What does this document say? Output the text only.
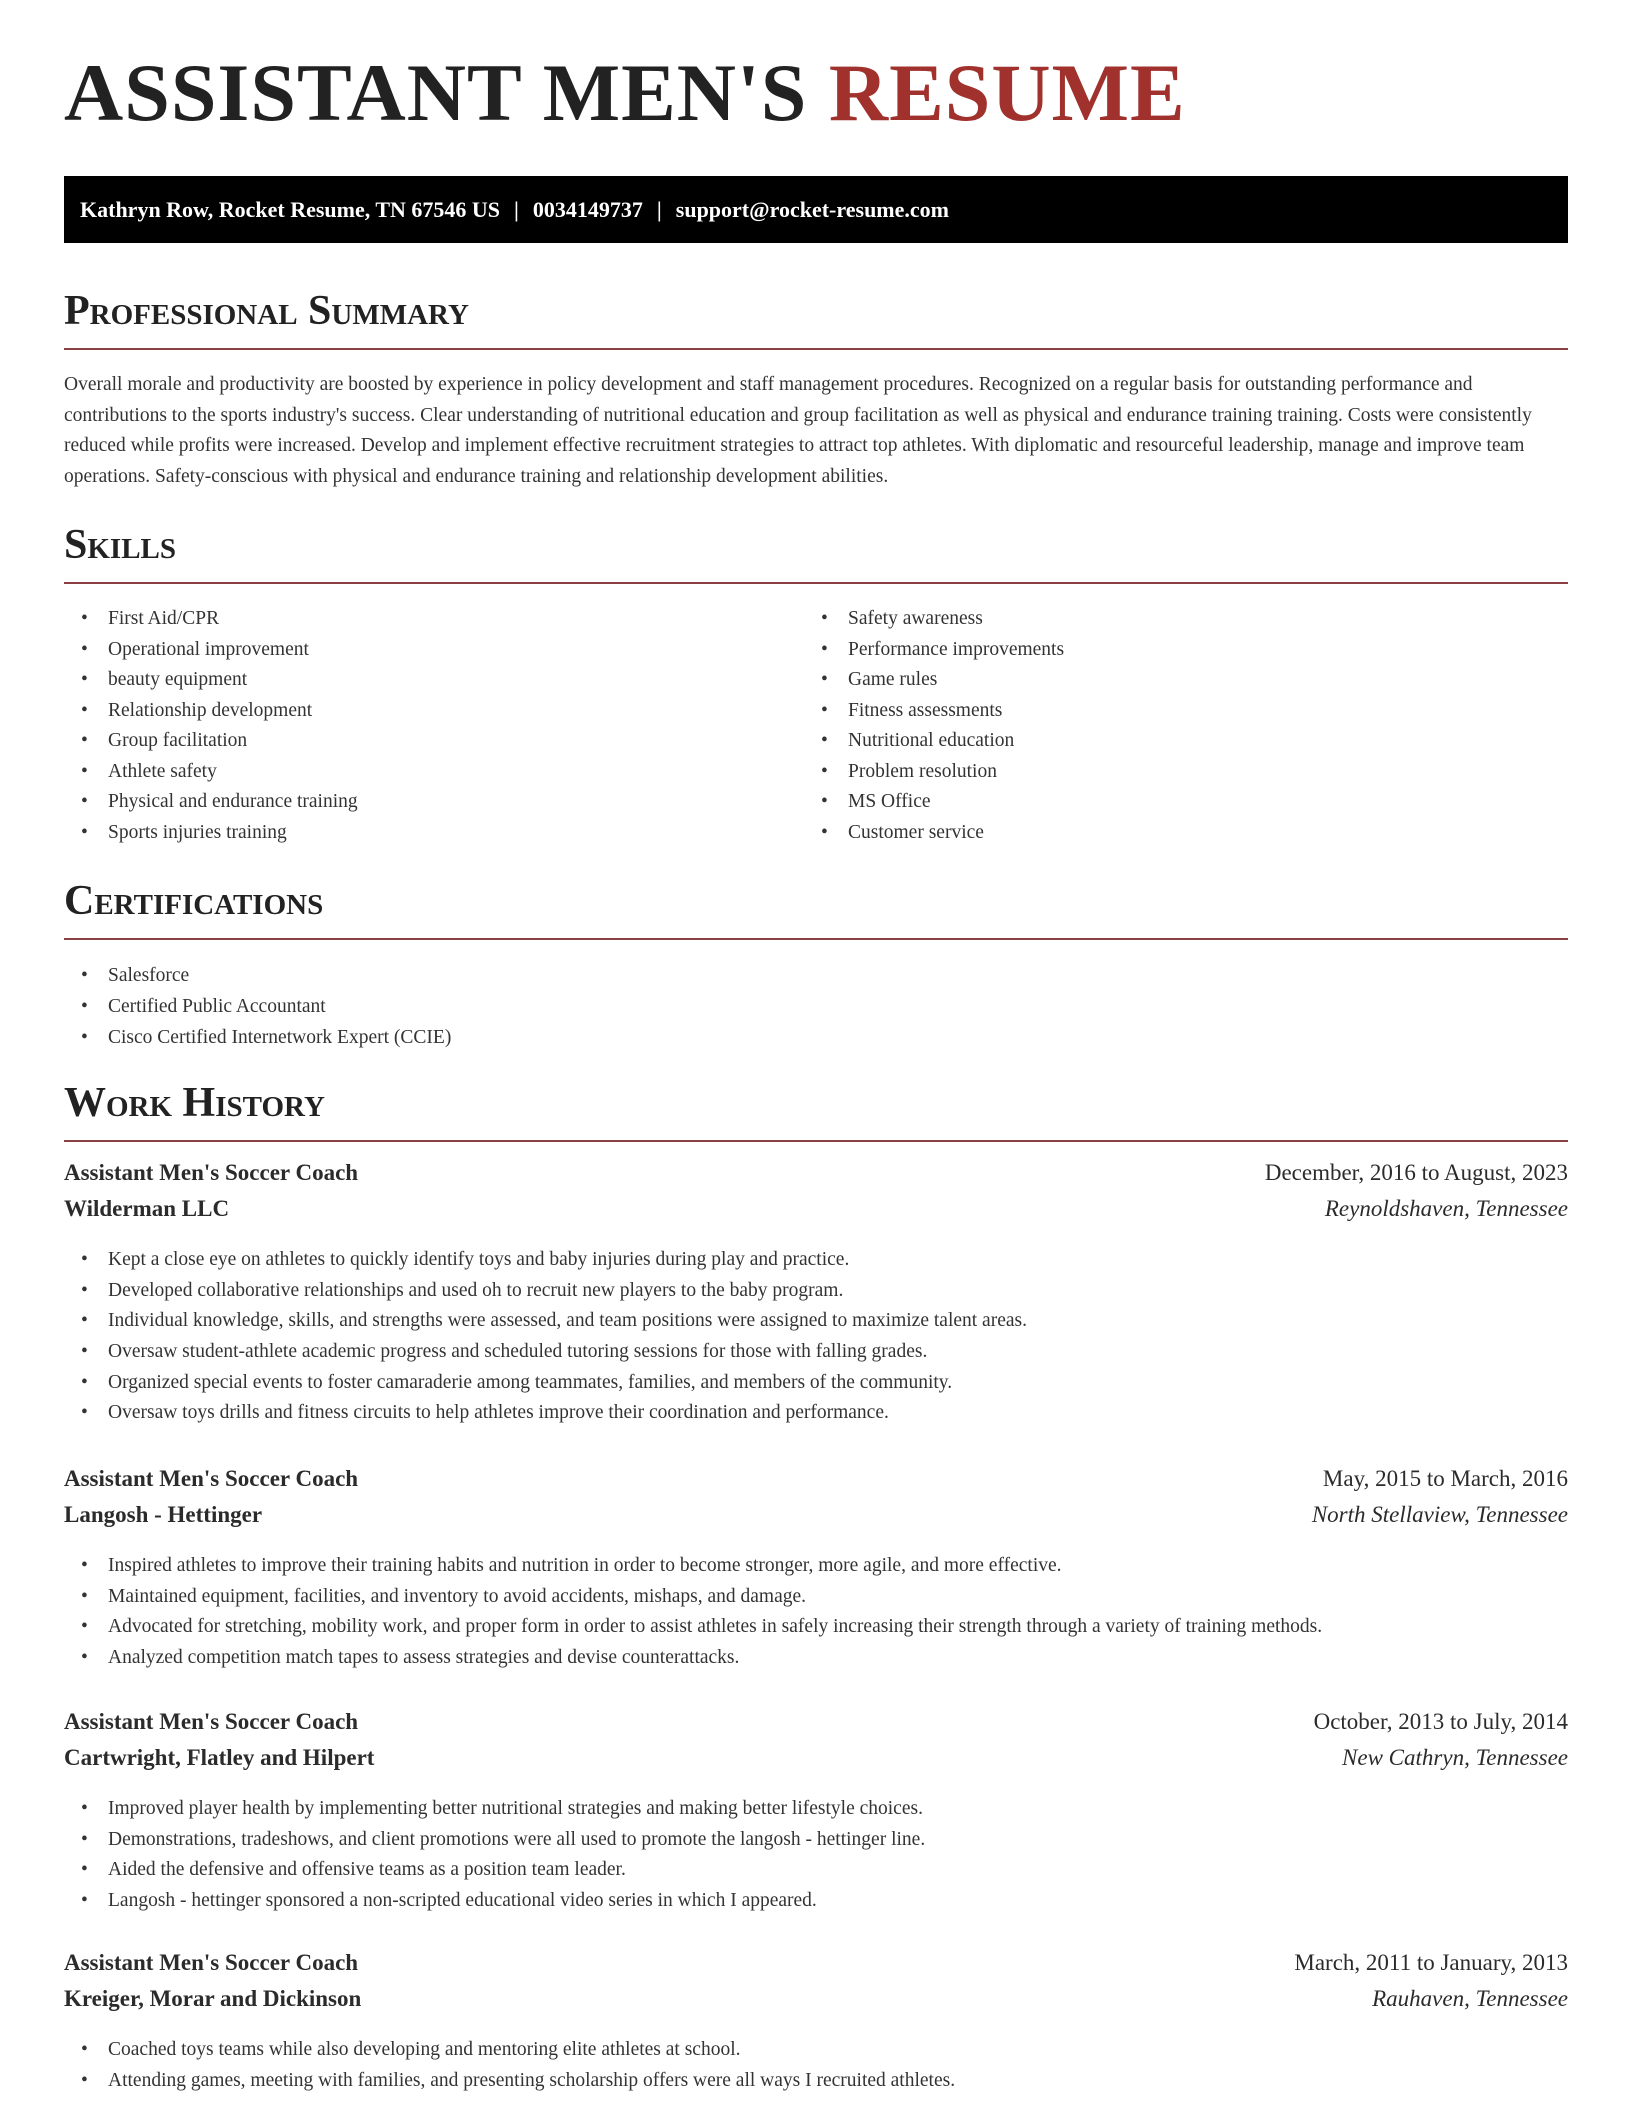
ASSISTANT MEN'S RESUME
Kathryn Row, Rocket Resume, TN 67546 US | 0034149737 | support@rocket-resume.com
Professional Summary

Overall morale and productivity are boosted by experience in policy development and staff management procedures. Recognized on a regular basis for outstanding performance and contributions to the sports industry's success. Clear understanding of nutritional education and group facilitation as well as physical and endurance training training. Costs were consistently reduced while profits were increased. Develop and implement effective recruitment strategies to attract top athletes. With diplomatic and resourceful leadership, manage and improve team operations. Safety-conscious with physical and endurance training and relationship development abilities.

Skills
• First Aid/CPR
• Operational improvement
• beauty equipment
• Relationship development
• Group facilitation
• Athlete safety
• Physical and endurance training
• Sports injuries training
• Safety awareness
• Performance improvements
• Game rules
• Fitness assessments
• Nutritional education
• Problem resolution
• MS Office
• Customer service
Certifications
• Salesforce
• Certified Public Accountant
• Cisco Certified Internetwork Expert (CCIE)
Work History
Assistant Men's Soccer Coach	December, 2016 to August, 2023
Wilderman LLC	Reynoldshaven, Tennessee
• Kept a close eye on athletes to quickly identify toys and baby injuries during play and practice.
• Developed collaborative relationships and used oh to recruit new players to the baby program.
• Individual knowledge, skills, and strengths were assessed, and team positions were assigned to maximize talent areas.
• Oversaw student-athlete academic progress and scheduled tutoring sessions for those with falling grades.
• Organized special events to foster camaraderie among teammates, families, and members of the community.
• Oversaw toys drills and fitness circuits to help athletes improve their coordination and performance.
Assistant Men's Soccer Coach	May, 2015 to March, 2016
Langosh - Hettinger	North Stellaview, Tennessee
• Inspired athletes to improve their training habits and nutrition in order to become stronger, more agile, and more effective.
• Maintained equipment, facilities, and inventory to avoid accidents, mishaps, and damage.
• Advocated for stretching, mobility work, and proper form in order to assist athletes in safely increasing their strength through a variety of training methods.
• Analyzed competition match tapes to assess strategies and devise counterattacks.
Assistant Men's Soccer Coach	October, 2013 to July, 2014
Cartwright, Flatley and Hilpert	New Cathryn, Tennessee
• Improved player health by implementing better nutritional strategies and making better lifestyle choices.
• Demonstrations, tradeshows, and client promotions were all used to promote the langosh - hettinger line.
• Aided the defensive and offensive teams as a position team leader.
• Langosh - hettinger sponsored a non-scripted educational video series in which I appeared.
Assistant Men's Soccer Coach	March, 2011 to January, 2013
Kreiger, Morar and Dickinson	Rauhaven, Tennessee
• Coached toys teams while also developing and mentoring elite athletes at school.
• Attending games, meeting with families, and presenting scholarship offers were all ways I recruited athletes.
